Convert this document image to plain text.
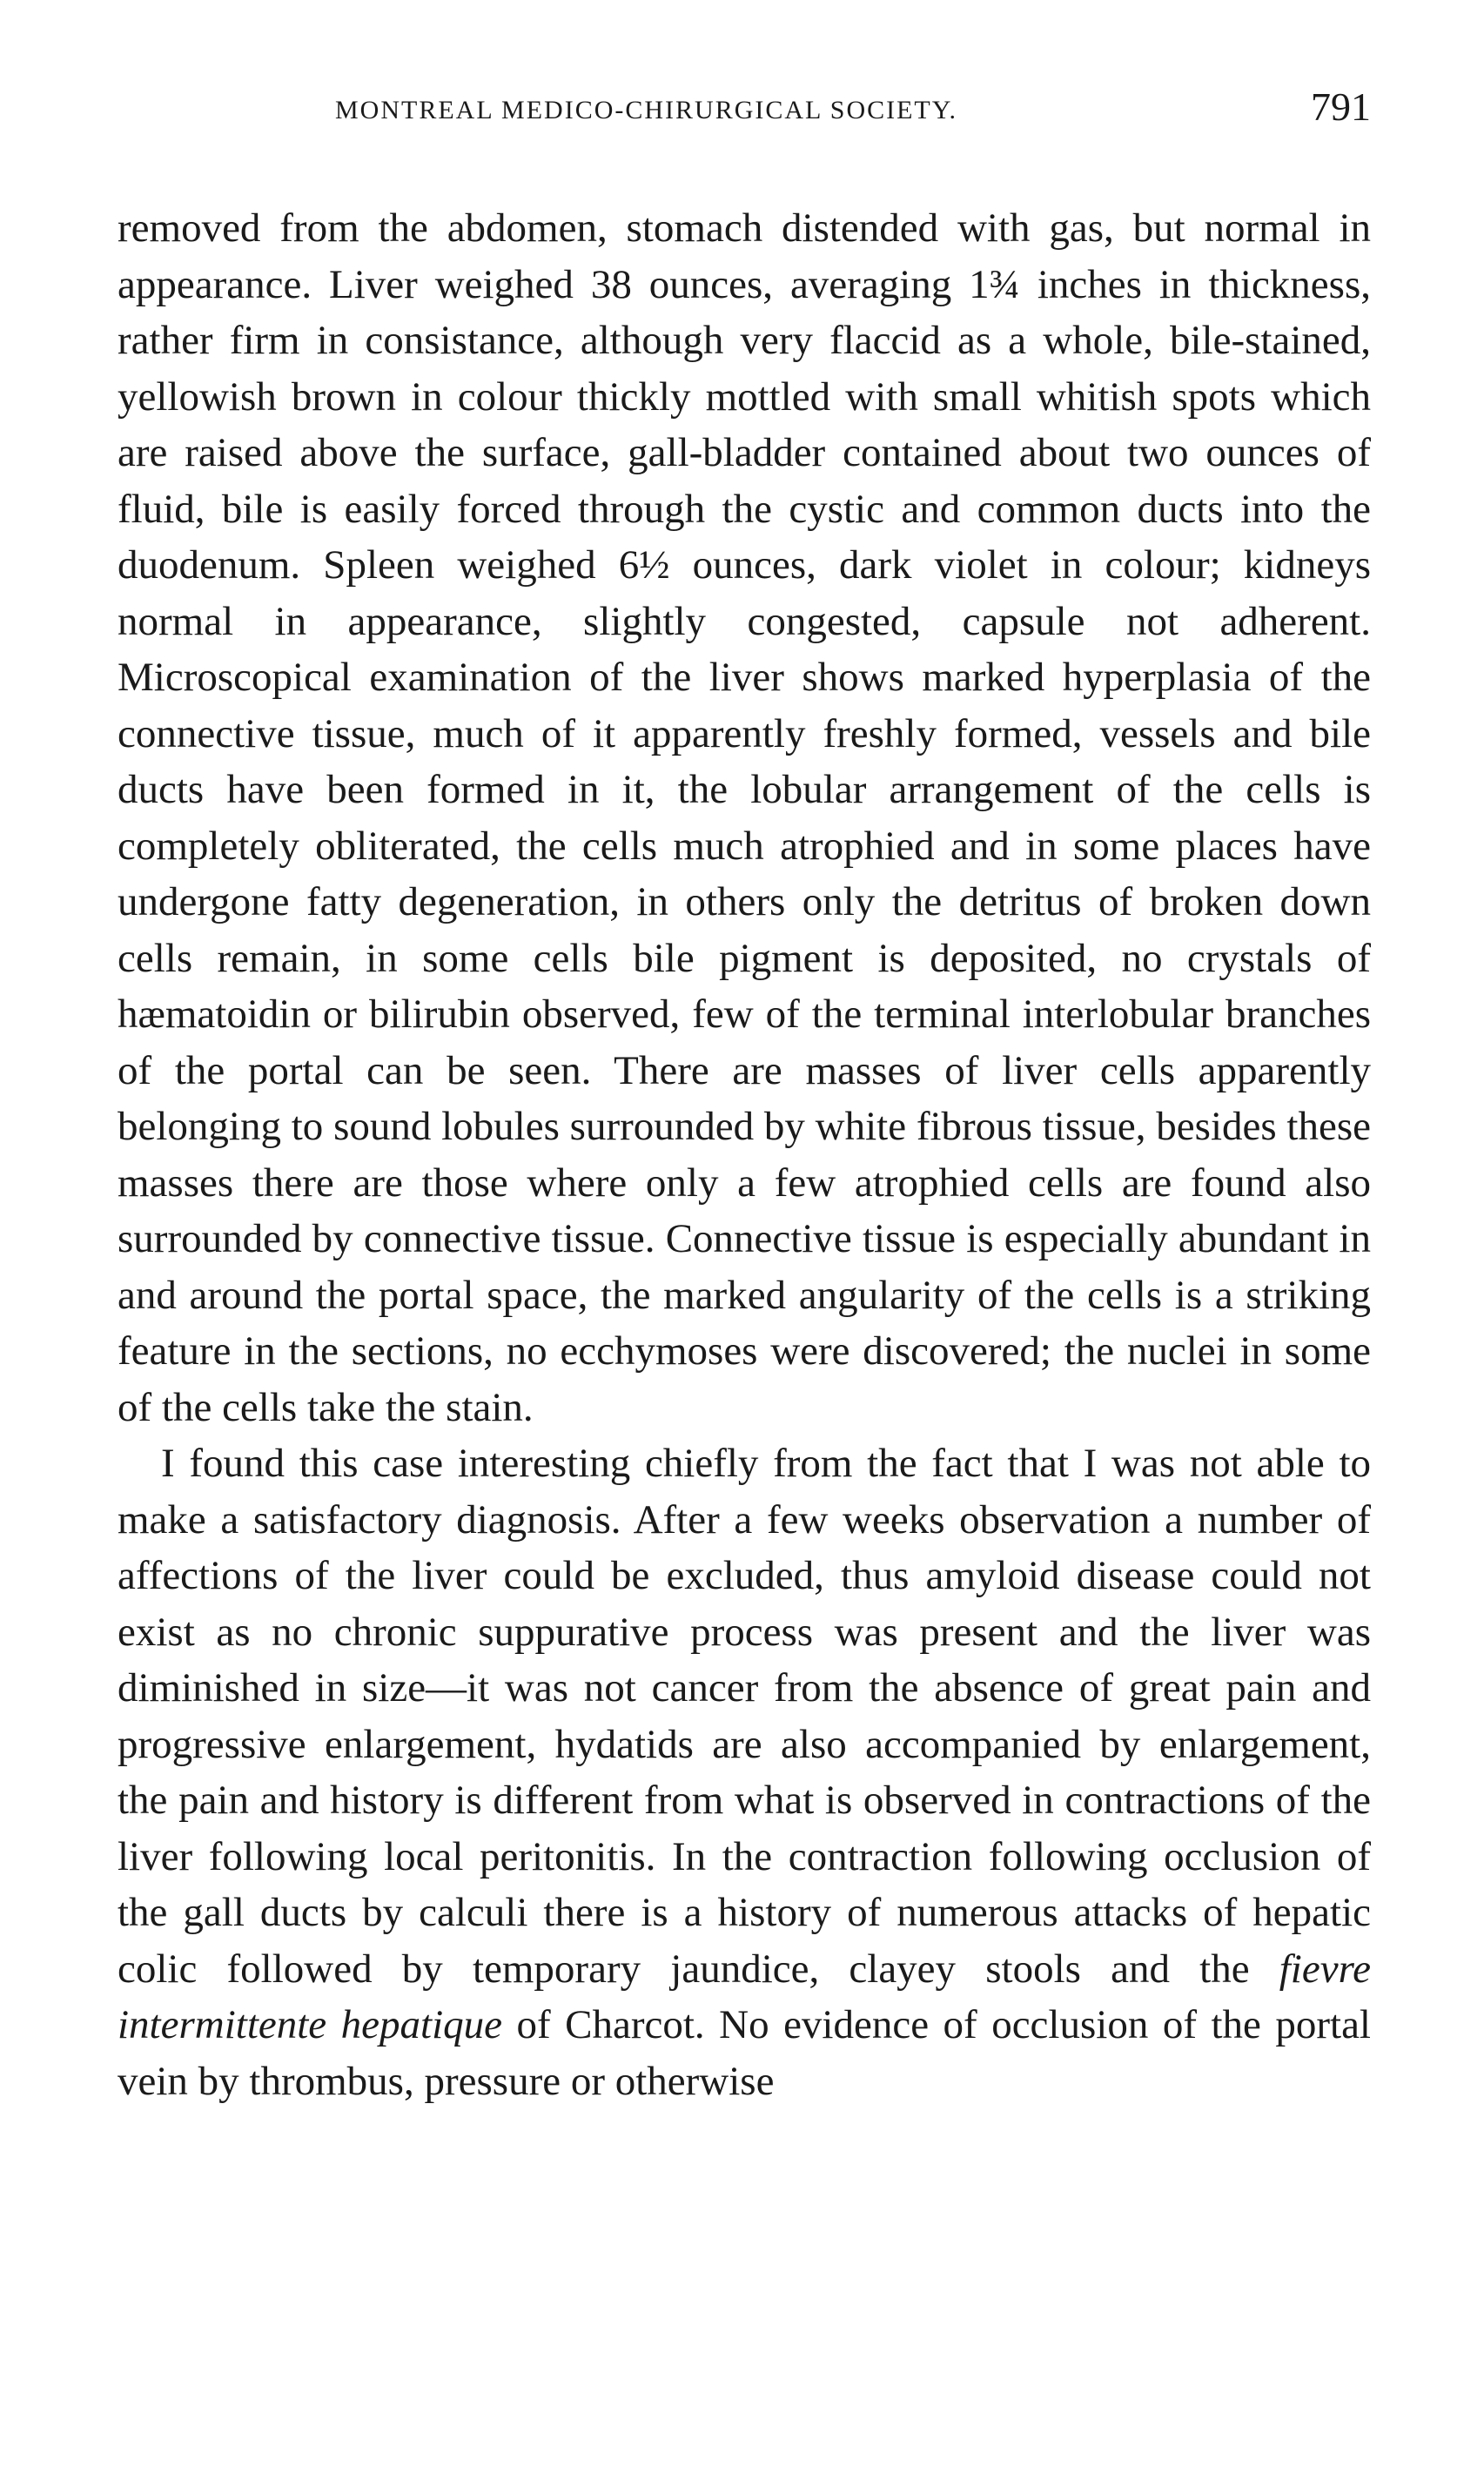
MONTREAL MEDICO-CHIRURGICAL SOCIETY.	791

removed from the abdomen, stomach distended with gas, but normal in appearance. Liver weighed 38 ounces, averaging 1¾ inches in thickness, rather firm in consistance, although very flaccid as a whole, bile-stained, yellowish brown in colour thickly mottled with small whitish spots which are raised above the surface, gall-bladder contained about two ounces of fluid, bile is easily forced through the cystic and common ducts into the duodenum. Spleen weighed 6½ ounces, dark violet in colour; kidneys normal in appearance, slightly congested, capsule not adherent. Microscopical examination of the liver shows marked hyperplasia of the connective tissue, much of it apparently freshly formed, vessels and bile ducts have been formed in it, the lobular arrangement of the cells is completely obliterated, the cells much atrophied and in some places have undergone fatty degeneration, in others only the detritus of broken down cells remain, in some cells bile pigment is deposited, no crystals of hæmatoidin or bilirubin observed, few of the terminal interlobular branches of the portal can be seen. There are masses of liver cells apparently belonging to sound lobules surrounded by white fibrous tissue, besides these masses there are those where only a few atrophied cells are found also surrounded by connective tissue. Connective tissue is especially abundant in and around the portal space, the marked angularity of the cells is a striking feature in the sections, no ecchymoses were discovered; the nuclei in some of the cells take the stain.

I found this case interesting chiefly from the fact that I was not able to make a satisfactory diagnosis. After a few weeks observation a number of affections of the liver could be excluded, thus amyloid disease could not exist as no chronic suppurative process was present and the liver was diminished in size—it was not cancer from the absence of great pain and progressive enlargement, hydatids are also accompanied by enlargement, the pain and history is different from what is observed in contractions of the liver following local peritonitis. In the contraction following occlusion of the gall ducts by calculi there is a history of numerous attacks of hepatic colic followed by temporary jaundice, clayey stools and the fievre intermittente hepatique of Charcot. No evidence of occlusion of the portal vein by thrombus, pressure or otherwise
